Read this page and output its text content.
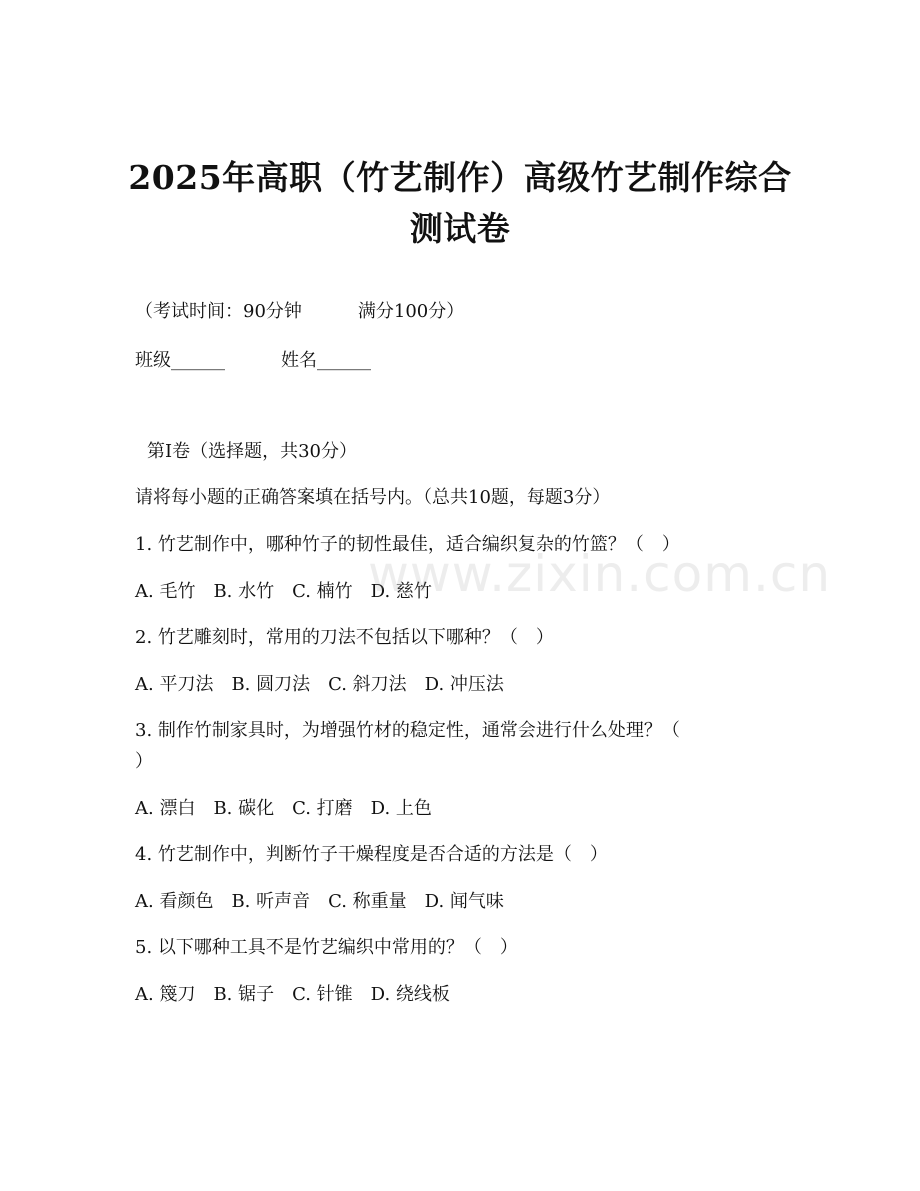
2025年高职（竹艺制作）高级竹艺制作综合
测试卷
（考试时间：90分钟	满分100分）
班级______	姓名______
第Ⅰ卷（选择题，共30分）
请将每小题的正确答案填在括号内。（总共10题，每题3分）
1. 竹艺制作中，哪种竹子的韧性最佳，适合编织复杂的竹篮？（　）
A. 毛竹　B. 水竹　C. 楠竹　D. 慈竹
2. 竹艺雕刻时，常用的刀法不包括以下哪种？（　）
A. 平刀法　B. 圆刀法　C. 斜刀法　D. 冲压法
3. 制作竹制家具时，为增强竹材的稳定性，通常会进行什么处理？（
）
A. 漂白　B. 碳化　C. 打磨　D. 上色
4. 竹艺制作中，判断竹子干燥程度是否合适的方法是（　）
A. 看颜色　B. 听声音　C. 称重量　D. 闻气味
5. 以下哪种工具不是竹艺编织中常用的？（　）
A. 篾刀　B. 锯子　C. 针锥　D. 绕线板
www.zixin.com.cn
